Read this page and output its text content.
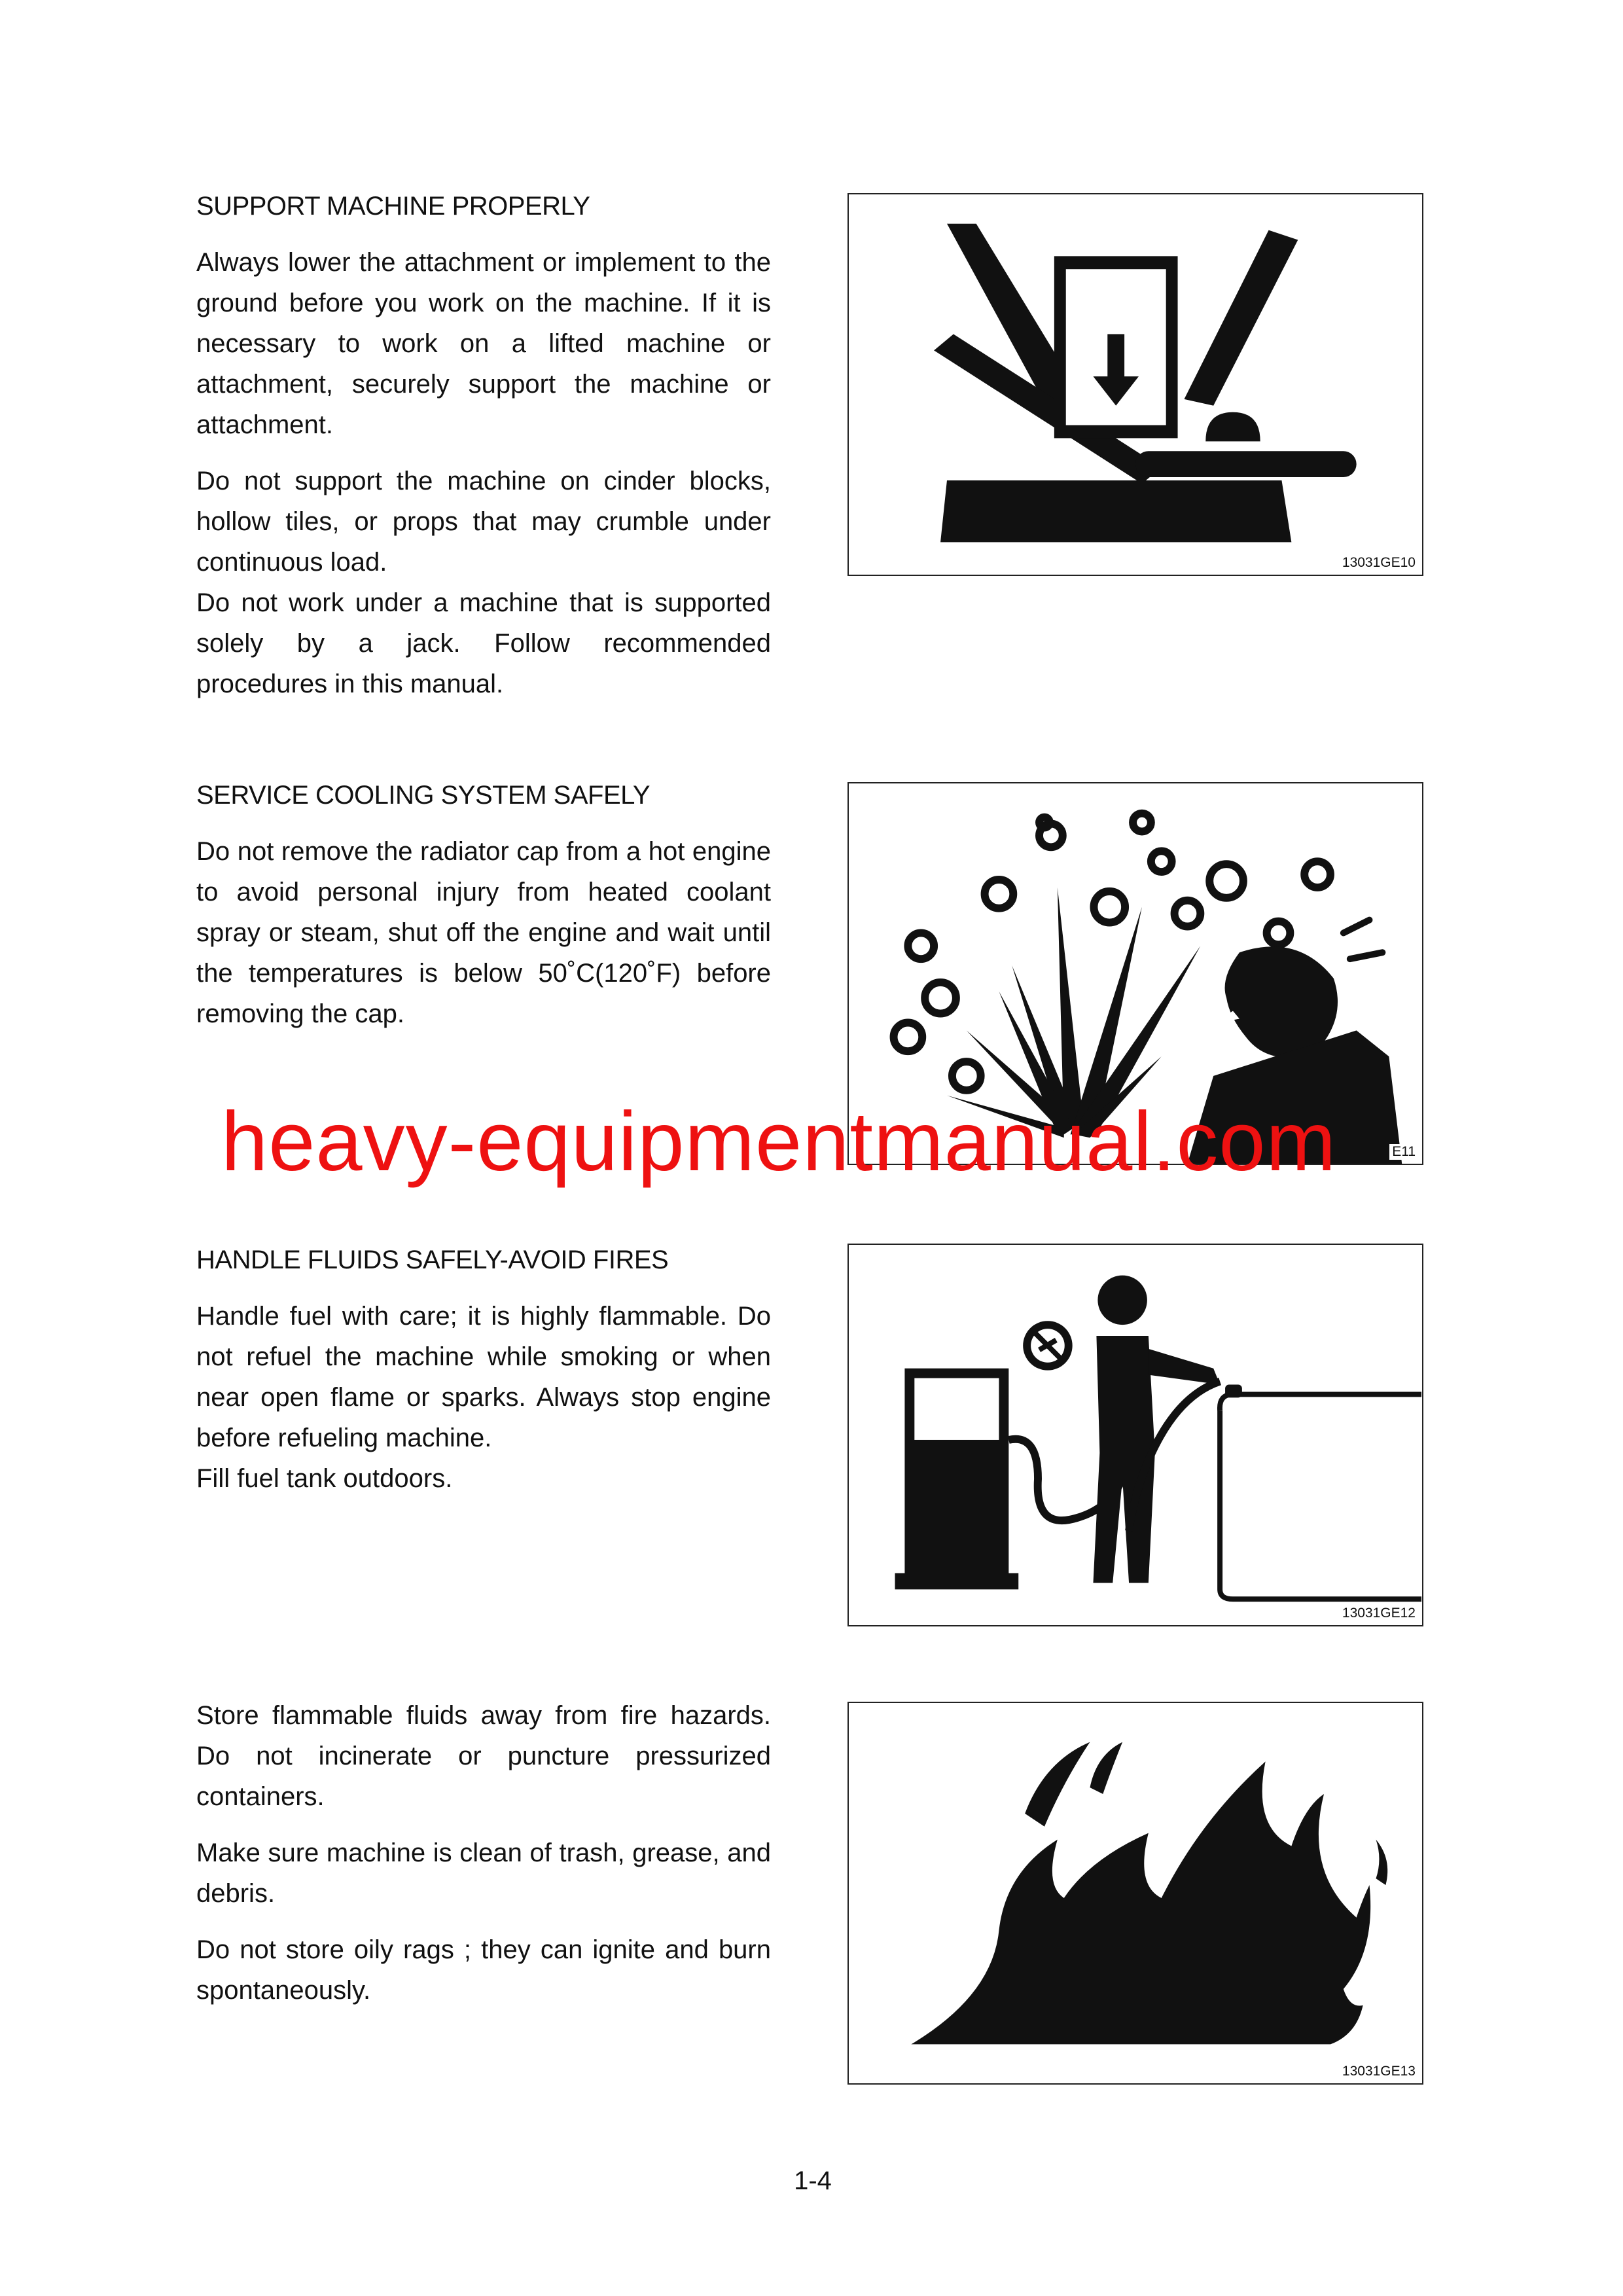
SUPPORT MACHINE PROPERLY
Always lower the attachment or implement to the ground before you work on the machine. If it is necessary to work on a lifted machine or attachment, securely support the machine or attachment.
Do not support the machine on cinder blocks, hollow tiles, or props that may crumble under continuous load.
Do not work under a machine that is supported solely by a jack. Follow recommended procedures in this manual.
13031GE10
SERVICE COOLING SYSTEM SAFELY
Do not remove the radiator cap from a hot engine to avoid personal injury from heated coolant spray or steam, shut off the engine and wait until the temperatures is below 50˚C(120˚F) before removing the cap.
E11
heavy-equipmentmanual.com
HANDLE FLUIDS SAFELY-AVOID FIRES
Handle fuel with care; it is highly flammable. Do not refuel the machine while smoking or when near open flame or sparks. Always stop engine before refueling machine.
Fill fuel tank outdoors.
13031GE12
Store flammable fluids away from fire hazards. Do not incinerate or puncture pressurized containers.
Make sure machine is clean of trash, grease, and debris.
Do not store oily rags ; they can ignite and burn spontaneously.
13031GE13
1-4
